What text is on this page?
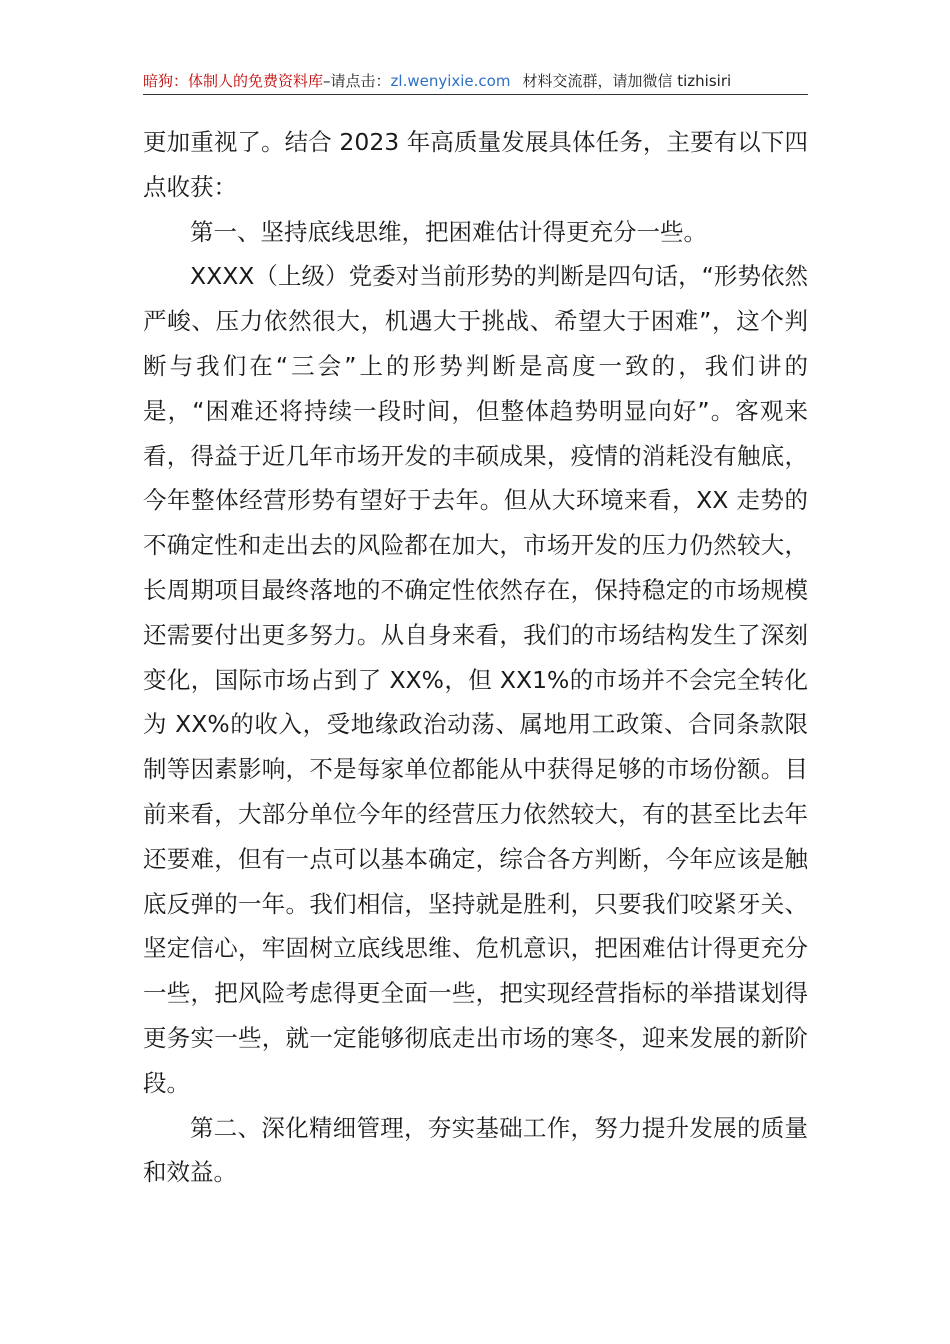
暗狗：体制人的免费资料库–请点击：zl.wenyixie.com 材料交流群，请加微信 tizhisiri

更加重视了。结合 2023 年高质量发展具体任务，主要有以下四点收获：

第一、坚持底线思维，把困难估计得更充分一些。

XXXX（上级）党委对当前形势的判断是四句话，“形势依然严峻、压力依然很大，机遇大于挑战、希望大于困难”，这个判断与我们在“三会”上的形势判断是高度一致的，我们讲的是，“困难还将持续一段时间，但整体趋势明显向好”。客观来看，得益于近几年市场开发的丰硕成果，疫情的消耗没有触底，今年整体经营形势有望好于去年。但从大环境来看，XX 走势的不确定性和走出去的风险都在加大，市场开发的压力仍然较大，长周期项目最终落地的不确定性依然存在，保持稳定的市场规模还需要付出更多努力。从自身来看，我们的市场结构发生了深刻变化，国际市场占到了 XX%，但 XX1%的市场并不会完全转化为 XX%的收入，受地缘政治动荡、属地用工政策、合同条款限制等因素影响，不是每家单位都能从中获得足够的市场份额。目前来看，大部分单位今年的经营压力依然较大，有的甚至比去年还要难，但有一点可以基本确定，综合各方判断，今年应该是触底反弹的一年。我们相信，坚持就是胜利，只要我们咬紧牙关、坚定信心，牢固树立底线思维、危机意识，把困难估计得更充分一些，把风险考虑得更全面一些，把实现经营指标的举措谋划得更务实一些，就一定能够彻底走出市场的寒冬，迎来发展的新阶段。

第二、深化精细管理，夯实基础工作，努力提升发展的质量和效益。
